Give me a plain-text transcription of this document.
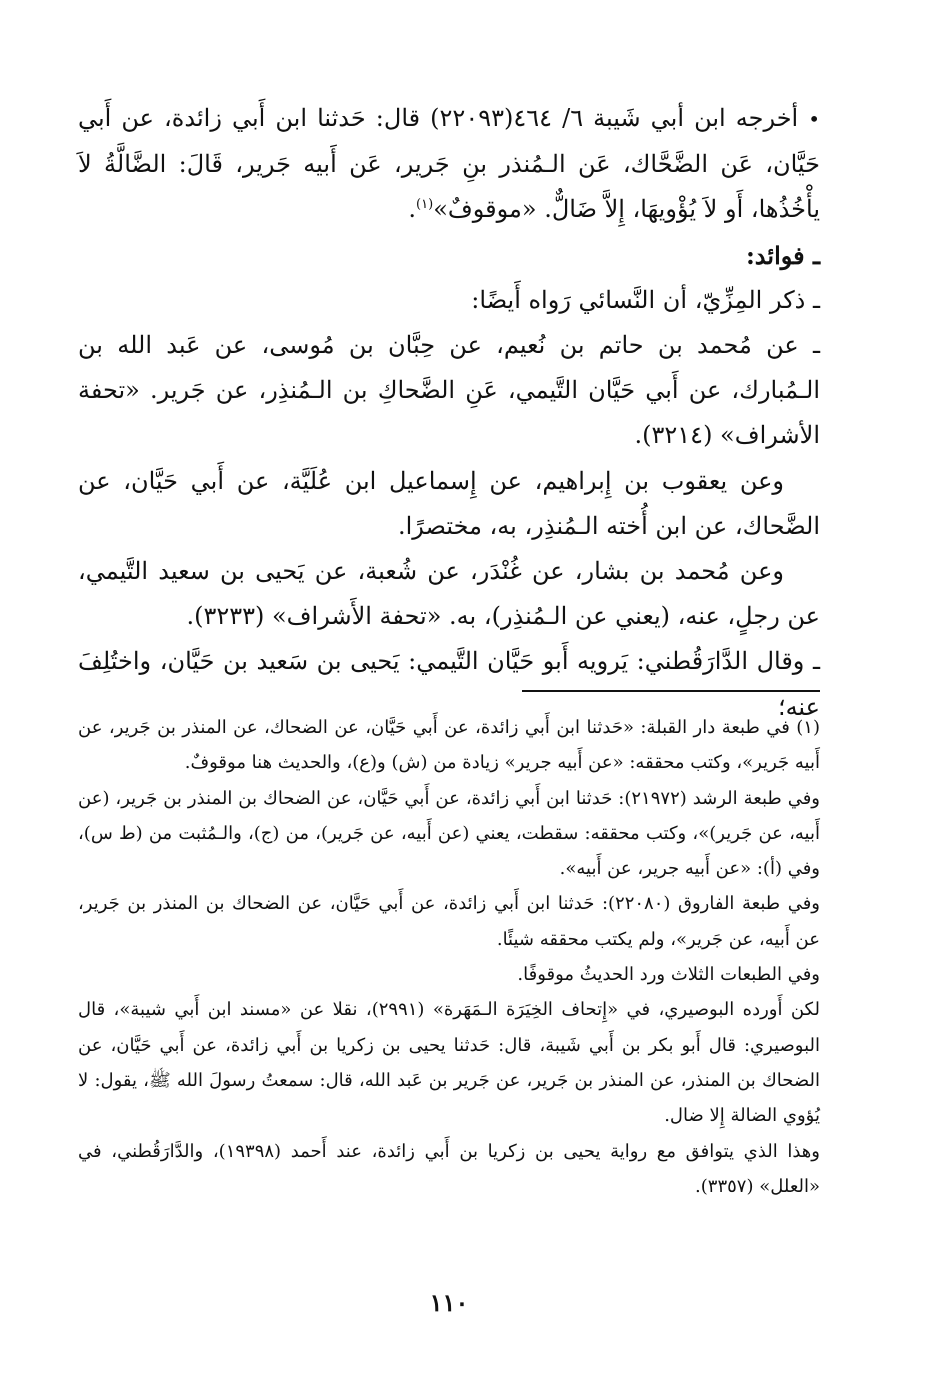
•أخرجه ابن أبي شَيبة ٦/ ٤٦٤(٢٢٠٩٣) قال: حَدثنا ابن أَبي زائدة، عن أَبي حَيَّان، عَن الضَّحَّاك، عَن الـمُنذر بنِ جَرير، عَن أَبيه جَرير، قَالَ: الضَّالَّةُ لاَ يأْخُذُها، أَو لاَ يُؤْويهَا، إِلاَّ ضَالٌّ. «موقوفٌ»$^{(١)}$.

ـ فوائد:

ـ ذكر المِزِّيّ، أن النَّسائي رَواه أَيضًا:

ـ عن مُحمد بن حاتم بن نُعيم، عن حِبَّان بن مُوسى، عن عَبد الله بن الـمُبارك، عن أَبي حَيَّان التَّيمي، عَنِ الضَّحاكِ بن الـمُنذِر، عن جَرير. «تحفة الأشراف» (٣٢١٤).

وعن يعقوب بن إِبراهيم، عن إِسماعيل ابن عُلَيَّة، عن أَبي حَيَّان، عن الضَّحاك، عن ابن أُخته الـمُنذِر، به، مختصرًا.

وعن مُحمد بن بشار، عن غُنْدَر، عن شُعبة، عن يَحيى بن سعيد التَّيمي، عن رجلٍ، عنه، (يعني عن الـمُنذِر)، به. «تحفة الأَشراف» (٣٢٣٣).

ـ وقال الدَّارَقُطني: يَرويه أَبو حَيَّان التَّيمي: يَحيى بن سَعيد بن حَيَّان، واختُلِفَ عنه؛

(١) في طبعة دار القبلة: «حَدثنا ابن أَبي زائدة، عن أَبي حَيَّان، عن الضحاك، عن المنذر بن جَرير، عن أَبيه جَرير»، وكتب محققه: «عن أَبيه جرير» زيادة من (ش) و(ع)، والحديث هنا موقوفٌ.

وفي طبعة الرشد (٢١٩٧٢): حَدثنا ابن أَبي زائدة، عن أَبي حَيَّان، عن الضحاك بن المنذر بن جَرير، (عن أَبيه، عن جَرير)»، وكتب محققه: سقطت، يعني (عن أَبيه، عن جَرير)، من (ج)، والـمُثبت من (ط س)، وفي (أ): «عن أَبيه جرير، عن أَبيه».

وفي طبعة الفاروق (٢٢٠٨٠): حَدثنا ابن أَبي زائدة، عن أَبي حَيَّان، عن الضحاك بن المنذر بن جَرير، عن أَبيه، عن جَرير»، ولم يكتب محققه شيئًا.

وفي الطبعات الثلاث ورد الحديثُ موقوفًا.

لكن أَورده البوصيري، في «إِتحاف الخِيَرَة الـمَهَرة» (٢٩٩١)، نقلا عن «مسند ابن أَبي شيبة»، قال البوصيري: قال أَبو بكر بن أَبي شَيبة، قال: حَدثنا يحيى بن زكريا بن أَبي زائدة، عن أَبي حَيَّان، عن الضحاك بن المنذر، عن المنذر بن جَرير، عن جَرير بن عَبد الله، قال: سمعتُ رسولَ الله ﷺ، يقول: لا يُؤوي الضالة إِلا ضال.

وهذا الذي يتوافق مع رواية يحيى بن زكريا بن أَبي زائدة، عند أَحمد (١٩٣٩٨)، والدَّارَقُطني، في «العلل» (٣٣٥٧).

١١٠
